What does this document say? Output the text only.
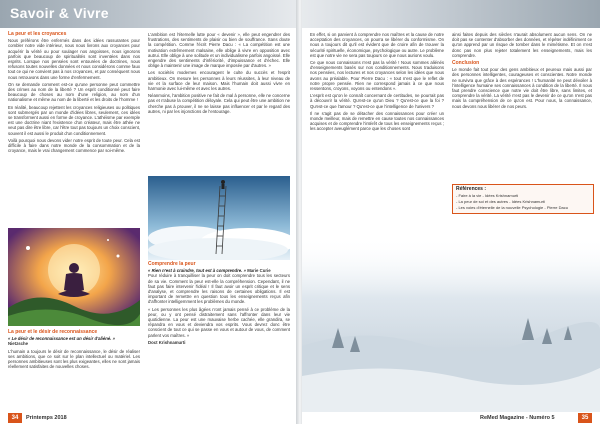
Savoir & Vivre
La peur et les croyances

Nous préférons être enfermés dans des idées rassurantes pour combler notre vide intérieur, nous nous livrons aux croyances pour acquérir la vérité ou pour soulager nos angoisses, nous ignorons parfois que beaucoup de spiritualités sont inventées dans nos esprits. Lorsque nos pensées sont entourées de doctrines, nous refusons toutes nouvelles données et nous considérons comme faux tout ce qui ne convient pas à nos croyances, et par conséquent nous nous retrouvons dans une forme d'enfermement.

On se demande comment est-ce qu'une personne peut commettre des crimes au nom de la liberté ? Un esprit conditionné peut faire beaucoup de choses au nom d'une religion, au nom d'un nationalisme et même au nom de la liberté et les droits de l'homme !

En réalité, beaucoup rejettent les croyances religieuses ou politiques sont submergés par un monde d'idées libres, seulement, ces idées se transforment aussi en forme de croyance. L'athéisme par exemple est une doctrine niant l'existence d'un créateur, mais être athée ne veut pas dire être libre, car l'être tout pas toujours un choix conscient, souvent il est aussi le produit d'un conditionnement.

Voilà pourquoi nous devons vider notre esprit de toute peur. Cela est difficile à faire dans notre monde de la consommation et de la croyance, mais le vrai changement commence par soi-même.

La peur et le désir de reconnaissance
« Le désir de reconnaissance est un désir d'aliéné. »
Nietzsche

L'humain a toujours le désir de reconnaissance, le désir de réaliser ses ambitions, que ce soit sur le plan intellectuel ou matériel. Les personnes ambitieuses sont les plus exigeantes, elles ne sont jamais réellement satisfaites de nouvelles choses.

L'ambition est l'éternelle lutte pour « devenir », elle peut engendrer des frustrations, des sentiments de plaisir ou bien de souffrance. Sans doute la compétition. Comme l'écrit Pierre Dacu : « La compétition est une motivation extrêmement malsaine, elle oblige à vivre en opposition avec autrui. Elle oblige à une solitude et un individualisme parfois angoissé. Elle engendre des sentiments d'infériorité, d'impuissance et d'échec. Elle oblige à maintenir une image de marque imposée par d'autres. »

Les sociétés modernes encouragent le culte du succès et l'esprit ambitieux. On mesure les personnes à leurs réussites, à leur niveau de vie et la surface de leur maison. Mais l'humain doit aussi vivre en harmonie avec lui-même et avec les autres.

Néanmoins, l'ambition positive ne fait de mal à personne, elle ne concerne pas et n'abuse la compétition déloyale. Cela qui peut être une ambition ne cherche pas à prouver, il ne se laisse pas influencer et par le regard des autres, ni par les injonctions de l'entourage.

34	Printemps 2018

En effet, si on parvient à comprendre nos maîtres et la cause de notre acceptation des croyances, on pourra se libérer du conformisme. On nous a toujours dit qu'il est évident que de croire afin de trouver la sécurité spirituelle, économique, psychologique ou autre. Le problème est que notre vie ne sera pas toujours ce que nous aurions voulu.

Ce que nous connaissons n'est pas la vérité ! Nous sommes aliénés d'enseignements basés sur nos conditionnements. Nous traduisons nos pensées, nos lectures et nos croyances selon les idées que nous avons au préalable. Pour Pierre Dacu : « tout n'est que le reflet de notre propre pensée. Rien ne correspond jamais à ce que nous ressentons, croyons, voyons ou entendons ».

L'esprit est qu'on le connaît concernant de certitudes, ne pourrait pas à découvrir la vérité. Qu'est-ce qu'un Dieu ? Qu'est-ce que la foi ? Qu'est-ce que l'amour ? Qu'est-ce que l'intelligence de l'univers ?

Il ne s'agit pas de se détacher des connaissances pour créer un monde meilleur, mais de remettre en cause toutes nos connaissances acquises et de comprendre l'intérêt de tous les enseignements reçus ; les accepter aveuglément parce que les choses sont

ainsi faites depuis des siècles n'aurait absolument aucun sens. On ne doit pas se contenter d'absorber des données, et répéter indéfiniment ce qu'on apprend par un risque de tomber dans le mimétisme. Et on n'est donc pas non plus rejeter totalement les enseignements, mais les comprendre.

Conclusion

Le monde fait tout pour des gens ambitieux et peureux mais aussi par des personnes intelligentes, courageuses et conscientes. Notre monde ne survivra que grâce à des espérances ! L'humanité ne peut dévoiler à l'intelligence humaine ses connaissances à condition de la liberté. Il nous faut prendre conscience que notre vie doit être libre, sans limites, et comprendre la vérité. La vérité n'est pas le devenir de ce qu'on n'est pas mais la compréhension de ce qu'on est. Pour nous, la connaissance, nous devons nous libérer de nos peurs.

Références :
- Faire à la vie - Idées Krishnamurti
- La peur de soi et des autres - Idées Krishnamurti
- Les voies d'éternelle de la nouvelle Psychologie - Pierre Dacu
ReMed Magazine - Numéro 5	35
Comprendre la peur
« Rien n'est à craindre, tout est à comprendre. » Marie Curie

Pour réduire à tranquilliser la peur on doit comprendre tous les secteurs de sa vie. Comment la peur est-elle la compréhension. Cependant, il ne faut pas faire intervenir l'idéal ! Il faut avoir un esprit critique et le sens d'analyse, et comprendre les raisons de certaines obligations. Il est important de remettre en question tous les enseignements reçus afin d'affronter intelligemment les problèmes du monde.

« Les personnes les plus âgées n'ont jamais pensé à ce problème de la peur, ou y ont pensé distraitement sans l'affronter dans leur vie quotidienne. La peur est une mauvaise herbe cachée, elle grandira, se répandra en vous et deviendra vos esprits. Vous devrez donc être conscient de tout ce qui se passe en vous et autour de vous, de comment parlent vos maîtres. »

Doct Krishnamurti
